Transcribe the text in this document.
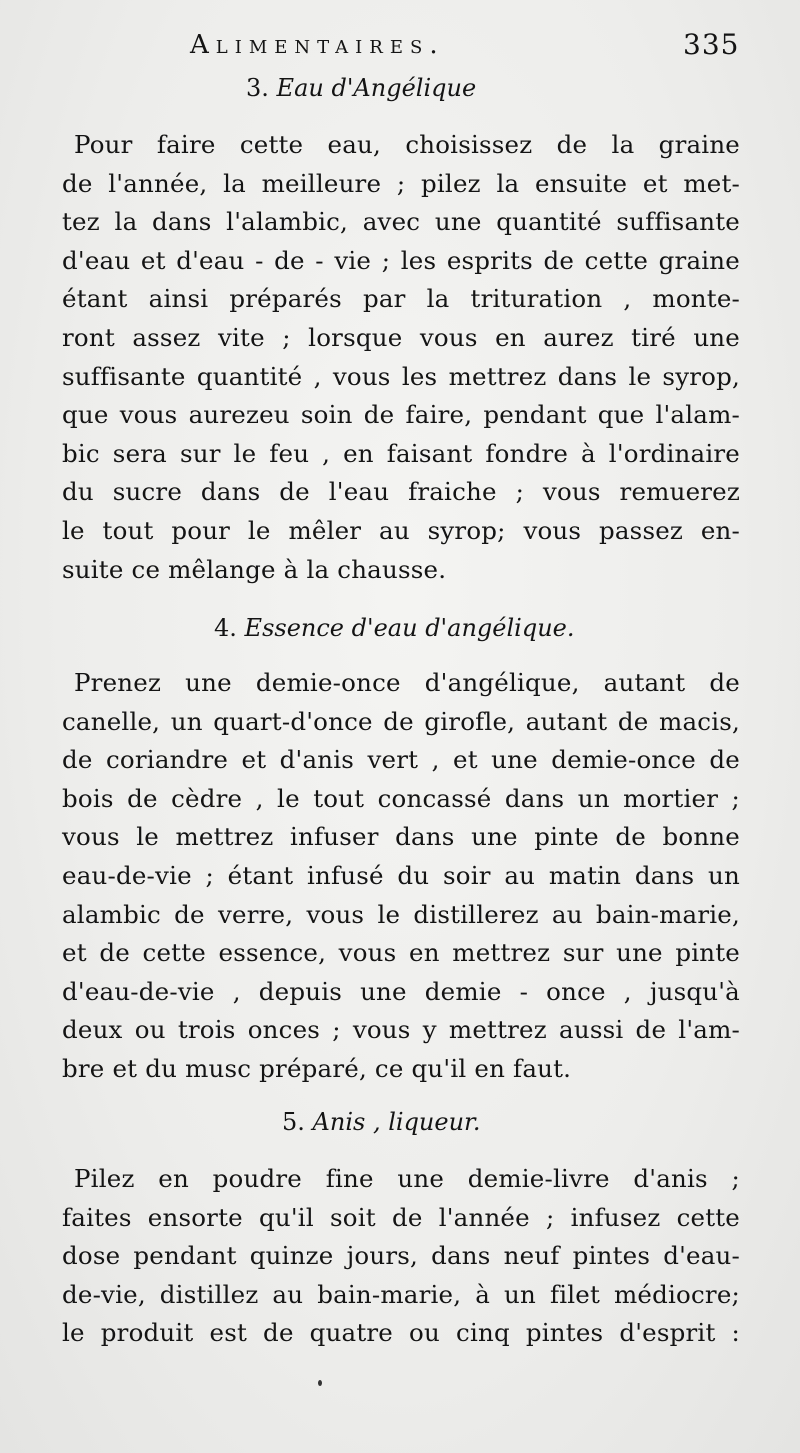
Alimentaires.	335
3. Eau d'Angélique
Pour faire cette eau, choisissez de la graine
de l'année, la meilleure ; pilez la ensuite et met-
tez la dans l'alambic, avec une quantité suffisante
d'eau et d'eau - de - vie ; les esprits de cette graine
étant ainsi préparés par la trituration , monte-
ront assez vite ; lorsque vous en aurez tiré une
suffisante quantité , vous les mettrez dans le syrop,
que vous aurezeu soin de faire, pendant que l'alam-
bic sera sur le feu , en faisant fondre à l'ordinaire
du sucre dans de l'eau fraiche ; vous remuerez
le tout pour le mêler au syrop; vous passez en-
suite ce mêlange à la chausse.
4. Essence d'eau d'angélique.
Prenez une demie-once d'angélique, autant de
canelle, un quart-d'once de girofle, autant de macis,
de coriandre et d'anis vert , et une demie-once de
bois de cèdre , le tout concassé dans un mortier ;
vous le mettrez infuser dans une pinte de bonne
eau-de-vie ; étant infusé du soir au matin dans un
alambic de verre, vous le distillerez au bain-marie,
et de cette essence, vous en mettrez sur une pinte
d'eau-de-vie , depuis une demie - once , jusqu'à
deux ou trois onces ; vous y mettrez aussi de l'am-
bre et du musc préparé, ce qu'il en faut.
5. Anis , liqueur.
Pilez en poudre fine une demie-livre d'anis ;
faites ensorte qu'il soit de l'année ; infusez cette
dose pendant quinze jours, dans neuf pintes d'eau-
de-vie, distillez au bain-marie, à un filet médiocre;
le produit est de quatre ou cinq pintes d'esprit :
